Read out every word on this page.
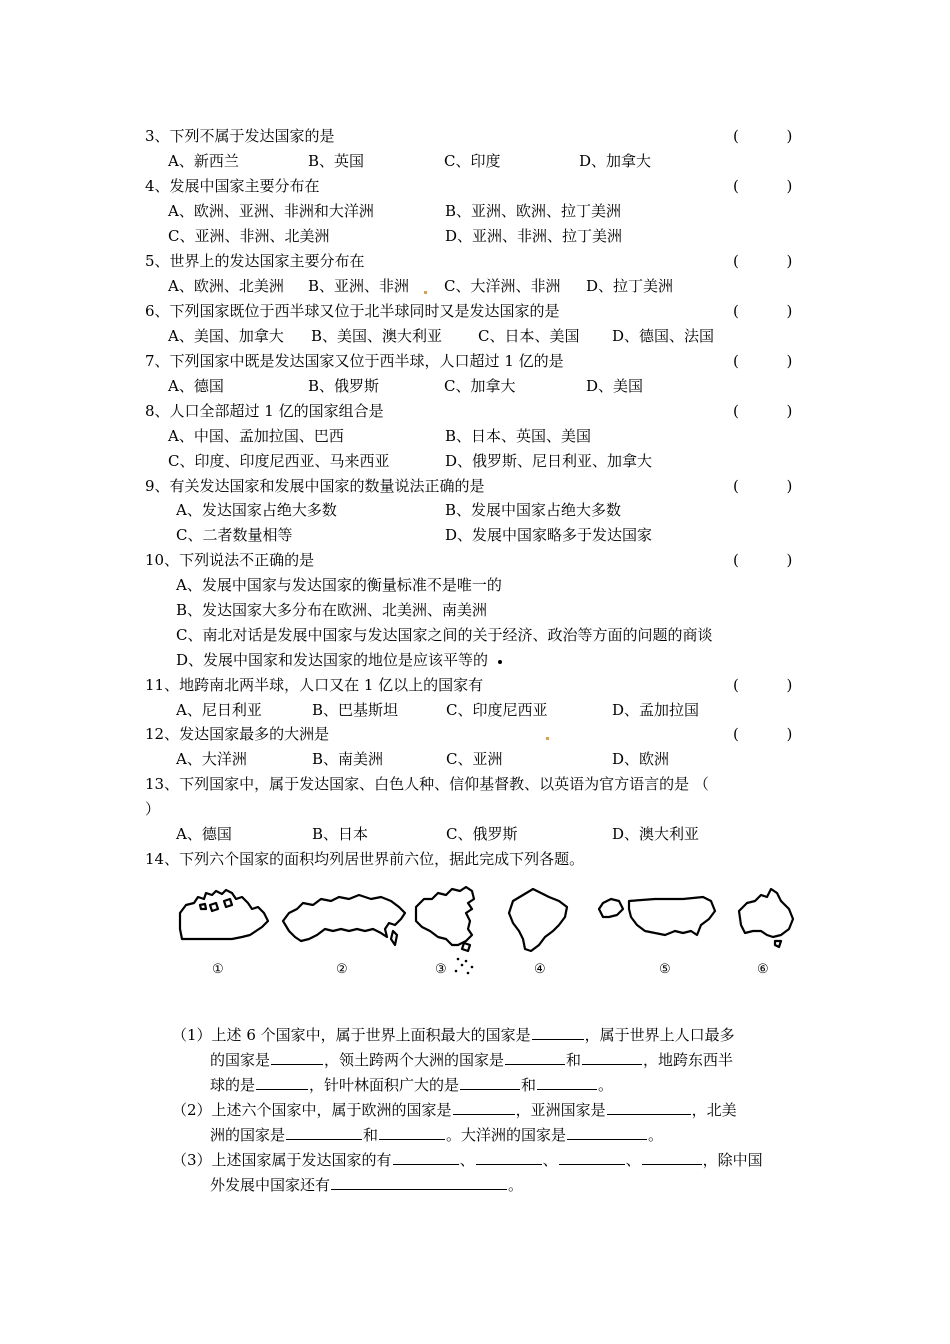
3、下列不属于发达国家的是	(          )
A、新西兰	B、英国	C、印度	D、加拿大
4、发展中国家主要分布在	(          )
A、欧洲、亚洲、非洲和大洋洲	B、亚洲、欧洲、拉丁美洲
C、亚洲、非洲、北美洲	D、亚洲、非洲、拉丁美洲
5、世界上的发达国家主要分布在	(          )
A、欧洲、北美洲 B、亚洲、非洲 C、大洋洲、非洲 D、拉丁美洲
6、下列国家既位于西半球又位于北半球同时又是发达国家的是	(          )
A、美国、加拿大 B、美国、澳大利亚 C、日本、美国 D、德国、法国
7、下列国家中既是发达国家又位于西半球，人口超过 1 亿的是	(          )
A、德国	B、俄罗斯	C、加拿大	D、美国
8、人口全部超过 1 亿的国家组合是	(          )
A、中国、孟加拉国、巴西	B、日本、英国、美国
C、印度、印度尼西亚、马来西亚	D、俄罗斯、尼日利亚、加拿大
9、有关发达国家和发展中国家的数量说法正确的是	(          )
A、发达国家占绝大多数	B、发展中国家占绝大多数
C、二者数量相等	D、发展中国家略多于发达国家
10、下列说法不正确的是	(          )
A、发展中国家与发达国家的衡量标准不是唯一的
B、发达国家大多分布在欧洲、北美洲、南美洲
C、南北对话是发展中国家与发达国家之间的关于经济、政治等方面的问题的商谈
D、发展中国家和发达国家的地位是应该平等的
11、地跨南北两半球，人口又在 1 亿以上的国家有	(          )
A、尼日利亚	B、巴基斯坦	C、印度尼西亚	D、孟加拉国
12、发达国家最多的大洲是	(          )
A、大洋洲	B、南美洲	C、亚洲	D、欧洲
13、下列国家中，属于发达国家、白色人种、信仰基督教、以英语为官方语言的是 （
）
A、德国	B、日本	C、俄罗斯	D、澳大利亚
14、下列六个国家的面积均列居世界前六位，据此完成下列各题。
①	②	③	④	⑤	⑥
（1）上述 6 个国家中，属于世界上面积最大的国家是	，属于世界上人口最多
的国家是	，领土跨两个大洲的国家是	和	，地跨东西半
球的是	，针叶林面积广大的是	和	。
（2）上述六个国家中，属于欧洲的国家是	，亚洲国家是	，北美
洲的国家是	和	。大洋洲的国家是	。
（3）上述国家属于发达国家的有	、	、	、	，除中国
外发展中国家还有	。
